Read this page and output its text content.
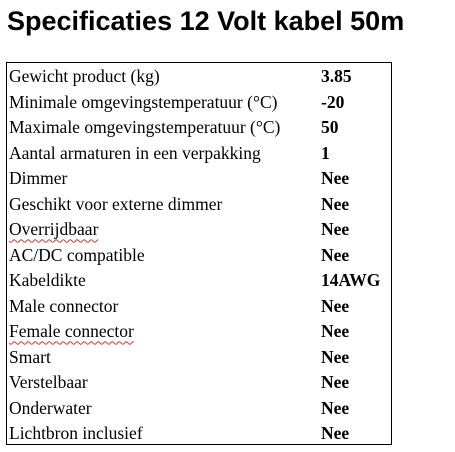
Specificaties 12 Volt kabel 50m
Gewicht product (kg)	3.85
Minimale omgevingstemperatuur (°C)	-20
Maximale omgevingstemperatuur (°C)	50
Aantal armaturen in een verpakking	1
Dimmer	Nee
Geschikt voor externe dimmer	Nee
Overrijdbaar	Nee
AC/DC compatible	Nee
Kabeldikte	14AWG
Male connector	Nee
Female connector	Nee
Smart	Nee
Verstelbaar	Nee
Onderwater	Nee
Lichtbron inclusief	Nee
